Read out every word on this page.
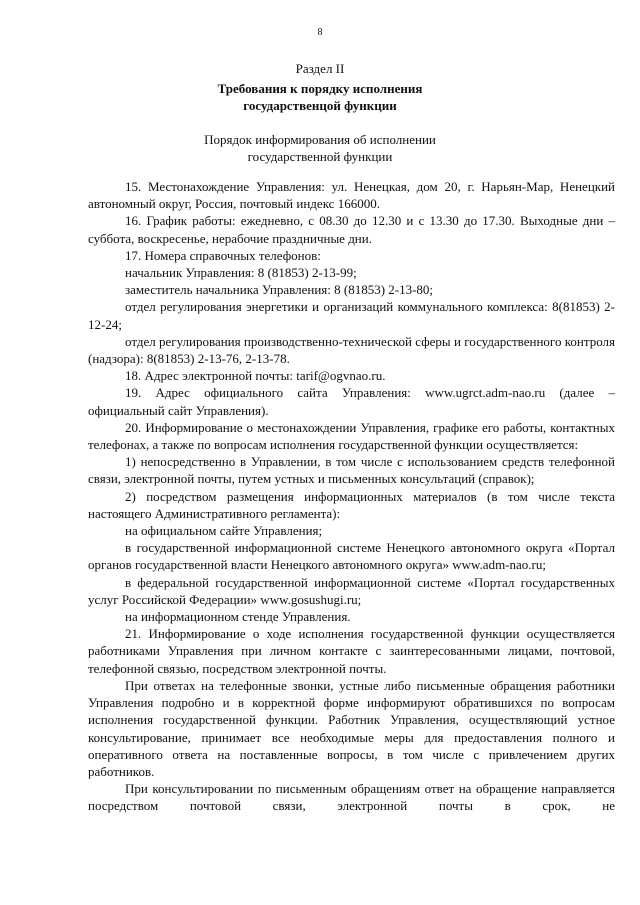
8
Раздел II
Требования к порядку исполнения
государственцой функции
Порядок информирования об исполнении
государственной функции

15. Местонахождение Управления: ул. Ненецкая, дом 20, г. Нарьян-Мар, Ненецкий автономный округ, Россия, почтовый индекс 166000.

16. График работы: ежедневно, с 08.30 до 12.30 и с 13.30 до 17.30. Выходные дни – суббота, воскресенье, нерабочие праздничные дни.

17. Номера справочных телефонов:

начальник Управления: 8 (81853) 2-13-99;

заместитель начальника Управления: 8 (81853) 2-13-80;

отдел регулирования энергетики и организаций коммунального комплекса: 8(81853) 2-12-24;

отдел регулирования производственно-технической сферы и государственного контроля (надзора): 8(81853) 2-13-76, 2-13-78.

18. Адрес электронной почты: tarif@ogvnao.ru.

19. Адрес официального сайта Управления: www.ugrct.adm-nao.ru (далее – официальный сайт Управления).

20. Информирование о местонахождении Управления, графике его работы, контактных телефонах, а также по вопросам исполнения государственной функции осуществляется:

1) непосредственно в Управлении, в том числе с использованием средств телефонной связи, электронной почты, путем устных и письменных консультаций (справок);

2) посредством размещения информационных материалов (в том числе текста настоящего Административного регламента):

на официальном сайте Управления;

в государственной информационной системе Ненецкого автономного округа «Портал органов государственной власти Ненецкого автономного округа» www.adm-nao.ru;

в федеральной государственной информационной системе «Портал государственных услуг Российской Федерации» www.gosushugi.ru;

на информационном стенде Управления.

21. Информирование о ходе исполнения государственной функции осуществляется работниками Управления при личном контакте с заинтересованными лицами, почтовой, телефонной связью, посредством электронной почты.

При ответах на телефонные звонки, устные либо письменные обращения работники Управления подробно и в корректной форме информируют обратившихся по вопросам исполнения государственной функции. Работник Управления, осуществляющий устное консультирование, принимает все необходимые меры для предоставления полного и оперативного ответа на поставленные вопросы, в том числе с привлечением других работников.

При консультировании по письменным обращениям ответ на обращение направляется посредством почтовой связи, электронной почты в срок, не
